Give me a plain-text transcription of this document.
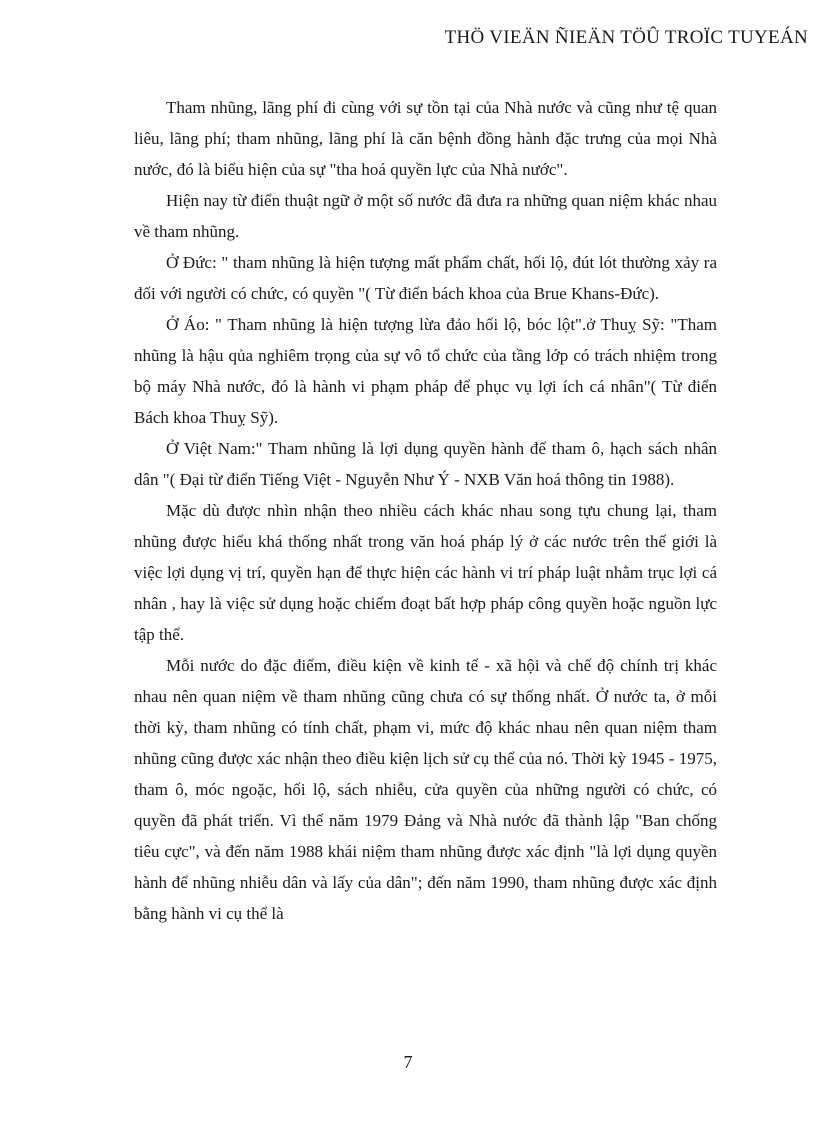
THÖ VIEÄN ÑIEÄN TÖÛ TROÏC TUYEÁN

Tham nhũng, lãng phí đi cùng với sự tồn tại của Nhà nước và cũng như tệ quan liêu, lãng phí; tham nhũng, lãng phí là căn bệnh đồng hành đặc trưng của mọi Nhà nước, đó là biểu hiện của sự "tha hoá quyền lực của Nhà nước".

Hiện nay từ điển thuật ngữ ở một số nước đã đưa ra những quan niệm khác nhau về tham nhũng.

Ở Đức: " tham nhũng là hiện tượng mất phẩm chất, hối lộ, đút lót thường xảy ra đối với người có chức, có quyền "( Từ điển bách khoa của Brue Khans-Đức).

Ở Áo: " Tham nhũng là hiện tượng lừa đảo hối lộ, bóc lột".ở Thuỵ Sỹ: "Tham nhũng là hậu qủa nghiêm trọng của sự vô tổ chức của tầng lớp có trách nhiệm trong bộ máy Nhà nước, đó là hành vi phạm pháp để phục vụ lợi ích cá nhân"( Từ điển Bách khoa Thuỵ Sỹ).

Ở Việt Nam:" Tham nhũng là lợi dụng quyền hành để tham ô, hạch sách nhân dân "( Đại từ điển Tiếng Việt - Nguyễn Như Ý - NXB Văn hoá thông tin 1988).

Mặc dù được nhìn nhận theo nhiều cách khác nhau song tựu chung lại, tham nhũng được hiểu khá thống nhất trong văn hoá pháp lý ở các nước trên thế giới là việc lợi dụng vị trí, quyền hạn để thực hiện các hành vi trí pháp luật nhằm trục lợi cá nhân , hay là việc sử dụng hoặc chiếm đoạt bất hợp pháp công quyền hoặc nguồn lực tập thể.

Mỗi nước do đặc điểm, điều kiện về kinh tế - xã hội và chế độ chính trị khác nhau nên quan niệm về tham nhũng cũng chưa có sự thống nhất. Ở nước ta, ở mỗi thời kỳ, tham nhũng có tính chất, phạm vi, mức độ khác nhau nên quan niệm tham nhũng cũng được xác nhận theo điều kiện lịch sử cụ thể của nó. Thời kỳ 1945 - 1975, tham ô, móc ngoặc, hối lộ, sách nhiễu, cửa quyền của những người có chức, có quyền đã phát triển. Vì thế năm 1979 Đảng và Nhà nước đã thành lập "Ban chống tiêu cực", và đến năm 1988 khái niệm tham nhũng được xác định "là lợi dụng quyền hành để nhũng nhiễu dân và lấy của dân"; đến năm 1990, tham nhũng được xác định bằng hành vi cụ thể là

7
